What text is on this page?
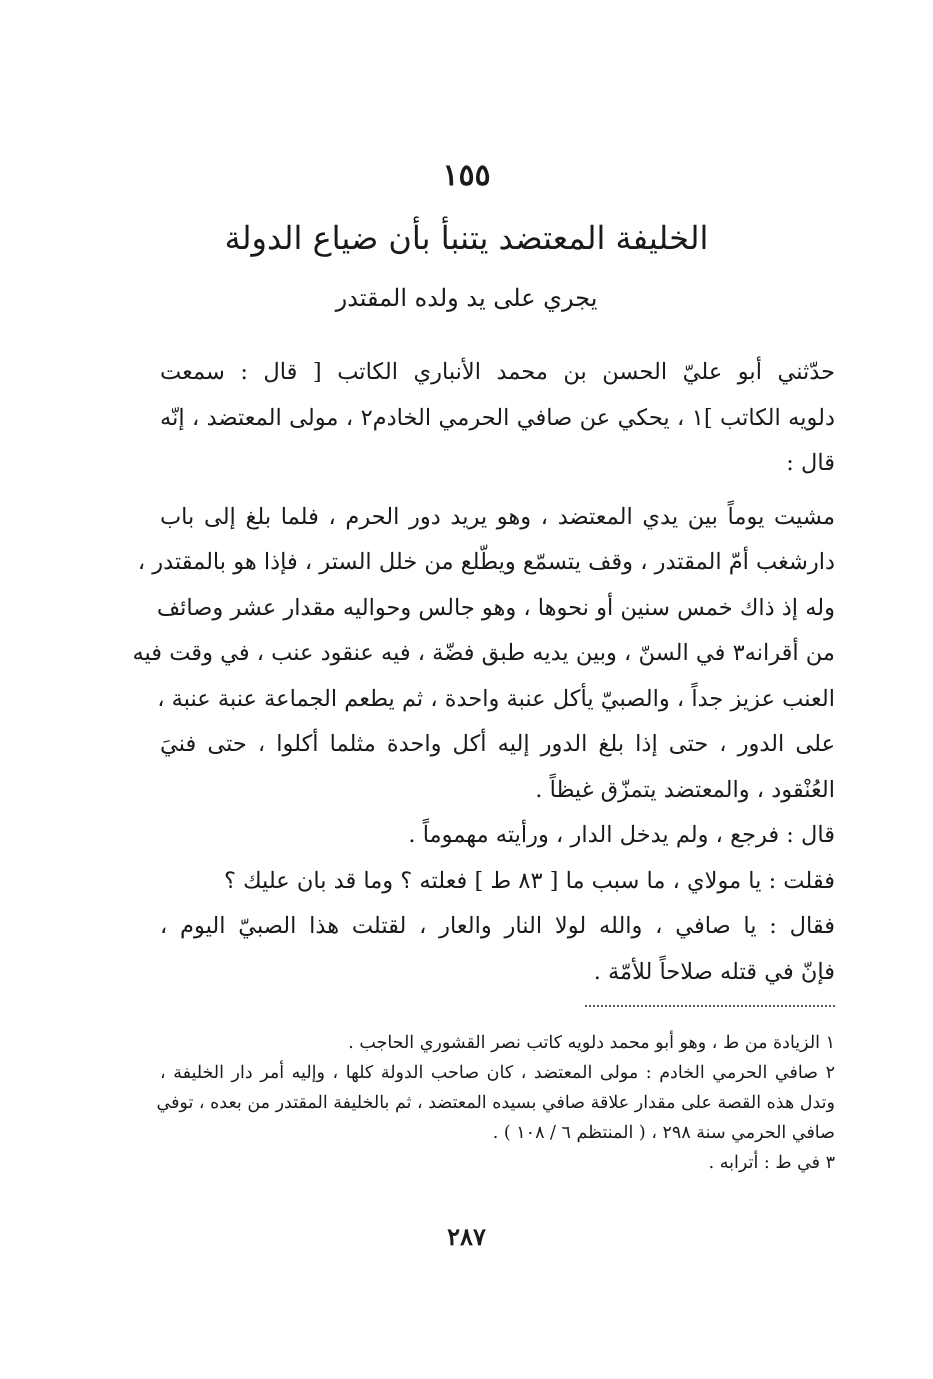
١٥٥
الخليفة المعتضد يتنبأ بأن ضياع الدولة
يجري على يد ولده المقتدر
حدّثني أبو عليّ الحسن بن محمد الأنباري الكاتب [ قال : سمعت
دلويه الكاتب ]١ ، يحكي عن صافي الحرمي الخادم٢ ، مولى المعتضد ، إنّه
قال :
مشيت يوماً بين يدي المعتضد ، وهو يريد دور الحرم ، فلما بلغ إلى باب
دارشغب أمّ المقتدر ، وقف يتسمّع ويطّلع من خلل الستر ، فإذا هو بالمقتدر ،
وله إذ ذاك خمس سنين أو نحوها ، وهو جالس وحواليه مقدار عشر وصائف
من أقرانه٣ في السنّ ، وبين يديه طبق فضّة ، فيه عنقود عنب ، في وقت فيه
العنب عزيز جداً ، والصبيّ يأكل عنبة واحدة ، ثم يطعم الجماعة عنبة عنبة ،
على الدور ، حتى إذا بلغ الدور إليه أكل واحدة مثلما أكلوا ، حتى فنيَ
العُنْقود ، والمعتضد يتمزّق غيظاً .
قال : فرجع ، ولم يدخل الدار ، ورأيته مهموماً .
فقلت : يا مولاي ، ما سبب ما [ ٨٣ ط ] فعلته ؟ وما قد بان عليك ؟
فقال : يا صافي ، والله لولا النار والعار ، لقتلت هذا الصبيّ اليوم ،
فإنّ في قتله صلاحاً للأمّة .
١ الزيادة من ط ، وهو أبو محمد دلويه كاتب نصر القشوري الحاجب .
٢ صافي الحرمي الخادم : مولى المعتضد ، كان صاحب الدولة كلها ، وإليه أمر دار الخليفة ،
وتدل هذه القصة على مقدار علاقة صافي بسيده المعتضد ، ثم بالخليفة المقتدر من بعده ، توفي
صافي الحرمي سنة ٢٩٨ ، ( المنتظم ٦ / ١٠٨ ) .
٣ في ط : أترابه .
٢٨٧
